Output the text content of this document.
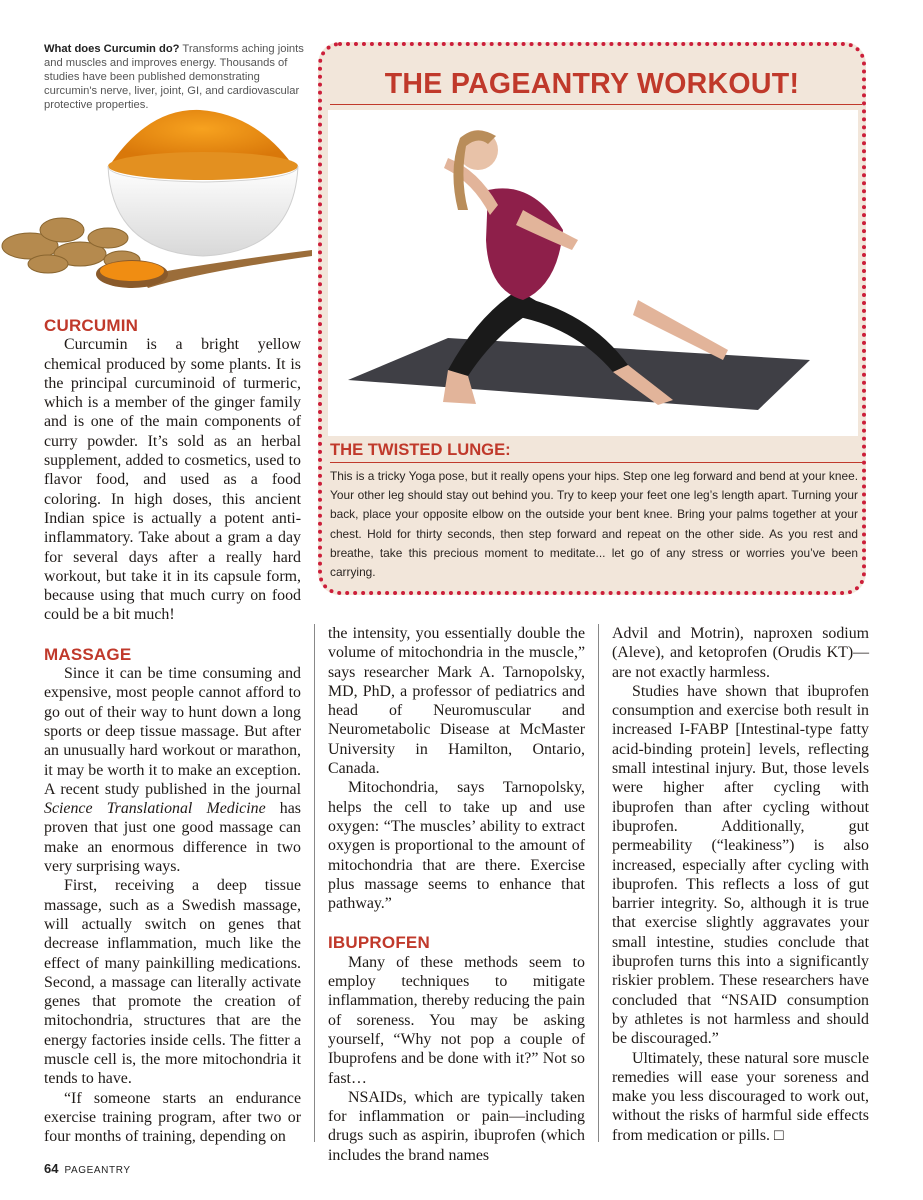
What does Curcumin do? Transforms aching joints and muscles and improves energy. Thousands of studies have been published demonstrating curcumin's nerve, liver, joint, GI, and cardiovascular protective properties.
CURCUMIN

Curcumin is a bright yellow chemical produced by some plants. It is the principal curcuminoid of turmeric, which is a member of the ginger family and is one of the main components of curry powder. It’s sold as an herbal supplement, added to cosmetics, used to flavor food, and used as a food coloring. In high doses, this ancient Indian spice is actually a potent anti-inflammatory. Take about a gram a day for several days after a really hard workout, but take it in its capsule form, because using that much curry on food could be a bit much!

MASSAGE

Since it can be time consuming and expensive, most people cannot afford to go out of their way to hunt down a long sports or deep tissue massage. But after an unusually hard workout or marathon, it may be worth it to make an exception. A recent study published in the journal Science Translational Medicine has proven that just one good massage can make an enormous difference in two very surprising ways.

First, receiving a deep tissue massage, such as a Swedish massage, will actually switch on genes that decrease inflammation, much like the effect of many painkilling medications. Second, a massage can literally activate genes that promote the creation of mitochondria, structures that are the energy factories inside cells. The fitter a muscle cell is, the more mitochondria it tends to have.

“If someone starts an endurance exercise training program, after two or four months of training, depending on

THE PAGEANTRY WORKOUT!
THE TWISTED LUNGE:
This is a tricky Yoga pose, but it really opens your hips. Step one leg forward and bend at your knee. Your other leg should stay out behind you. Try to keep your feet one leg’s length apart. Turning your back, place your opposite elbow on the outside your bent knee. Bring your palms together at your chest. Hold for thirty seconds, then step forward and repeat on the other side. As you rest and breathe, take this precious moment to meditate... let go of any stress or worries you’ve been carrying.

the intensity, you essentially double the volume of mitochondria in the muscle,” says researcher Mark A. Tarnopolsky, MD, PhD, a professor of pediatrics and head of Neuromuscular and Neurometabolic Disease at McMaster University in Hamilton, Ontario, Canada.

Mitochondria, says Tarnopolsky, helps the cell to take up and use oxygen: “The muscles’ ability to extract oxygen is proportional to the amount of mitochondria that are there. Exercise plus massage seems to enhance that pathway.”

IBUPROFEN

Many of these methods seem to employ techniques to mitigate inflammation, thereby reducing the pain of soreness. You may be asking yourself, “Why not pop a couple of Ibuprofens and be done with it?” Not so fast…

NSAIDs, which are typically taken for inflammation or pain—including drugs such as aspirin, ibuprofen (which includes the brand names

Advil and Motrin), naproxen sodium (Aleve), and ketoprofen (Orudis KT)—are not exactly harmless.

Studies have shown that ibuprofen consumption and exercise both result in increased I-FABP [Intestinal-type fatty acid-binding protein] levels, reflecting small intestinal injury. But, those levels were higher after cycling with ibuprofen than after cycling without ibuprofen. Additionally, gut permeability (“leakiness”) is also increased, especially after cycling with ibuprofen. This reflects a loss of gut barrier integrity. So, although it is true that exercise slightly aggravates your small intestine, studies conclude that ibuprofen turns this into a significantly riskier problem. These researchers have concluded that “NSAID consumption by athletes is not harmless and should be discouraged.”

Ultimately, these natural sore muscle remedies will ease your soreness and make you less discouraged to work out, without the risks of harmful side effects from medication or pills. □

64 PAGEANTRY
